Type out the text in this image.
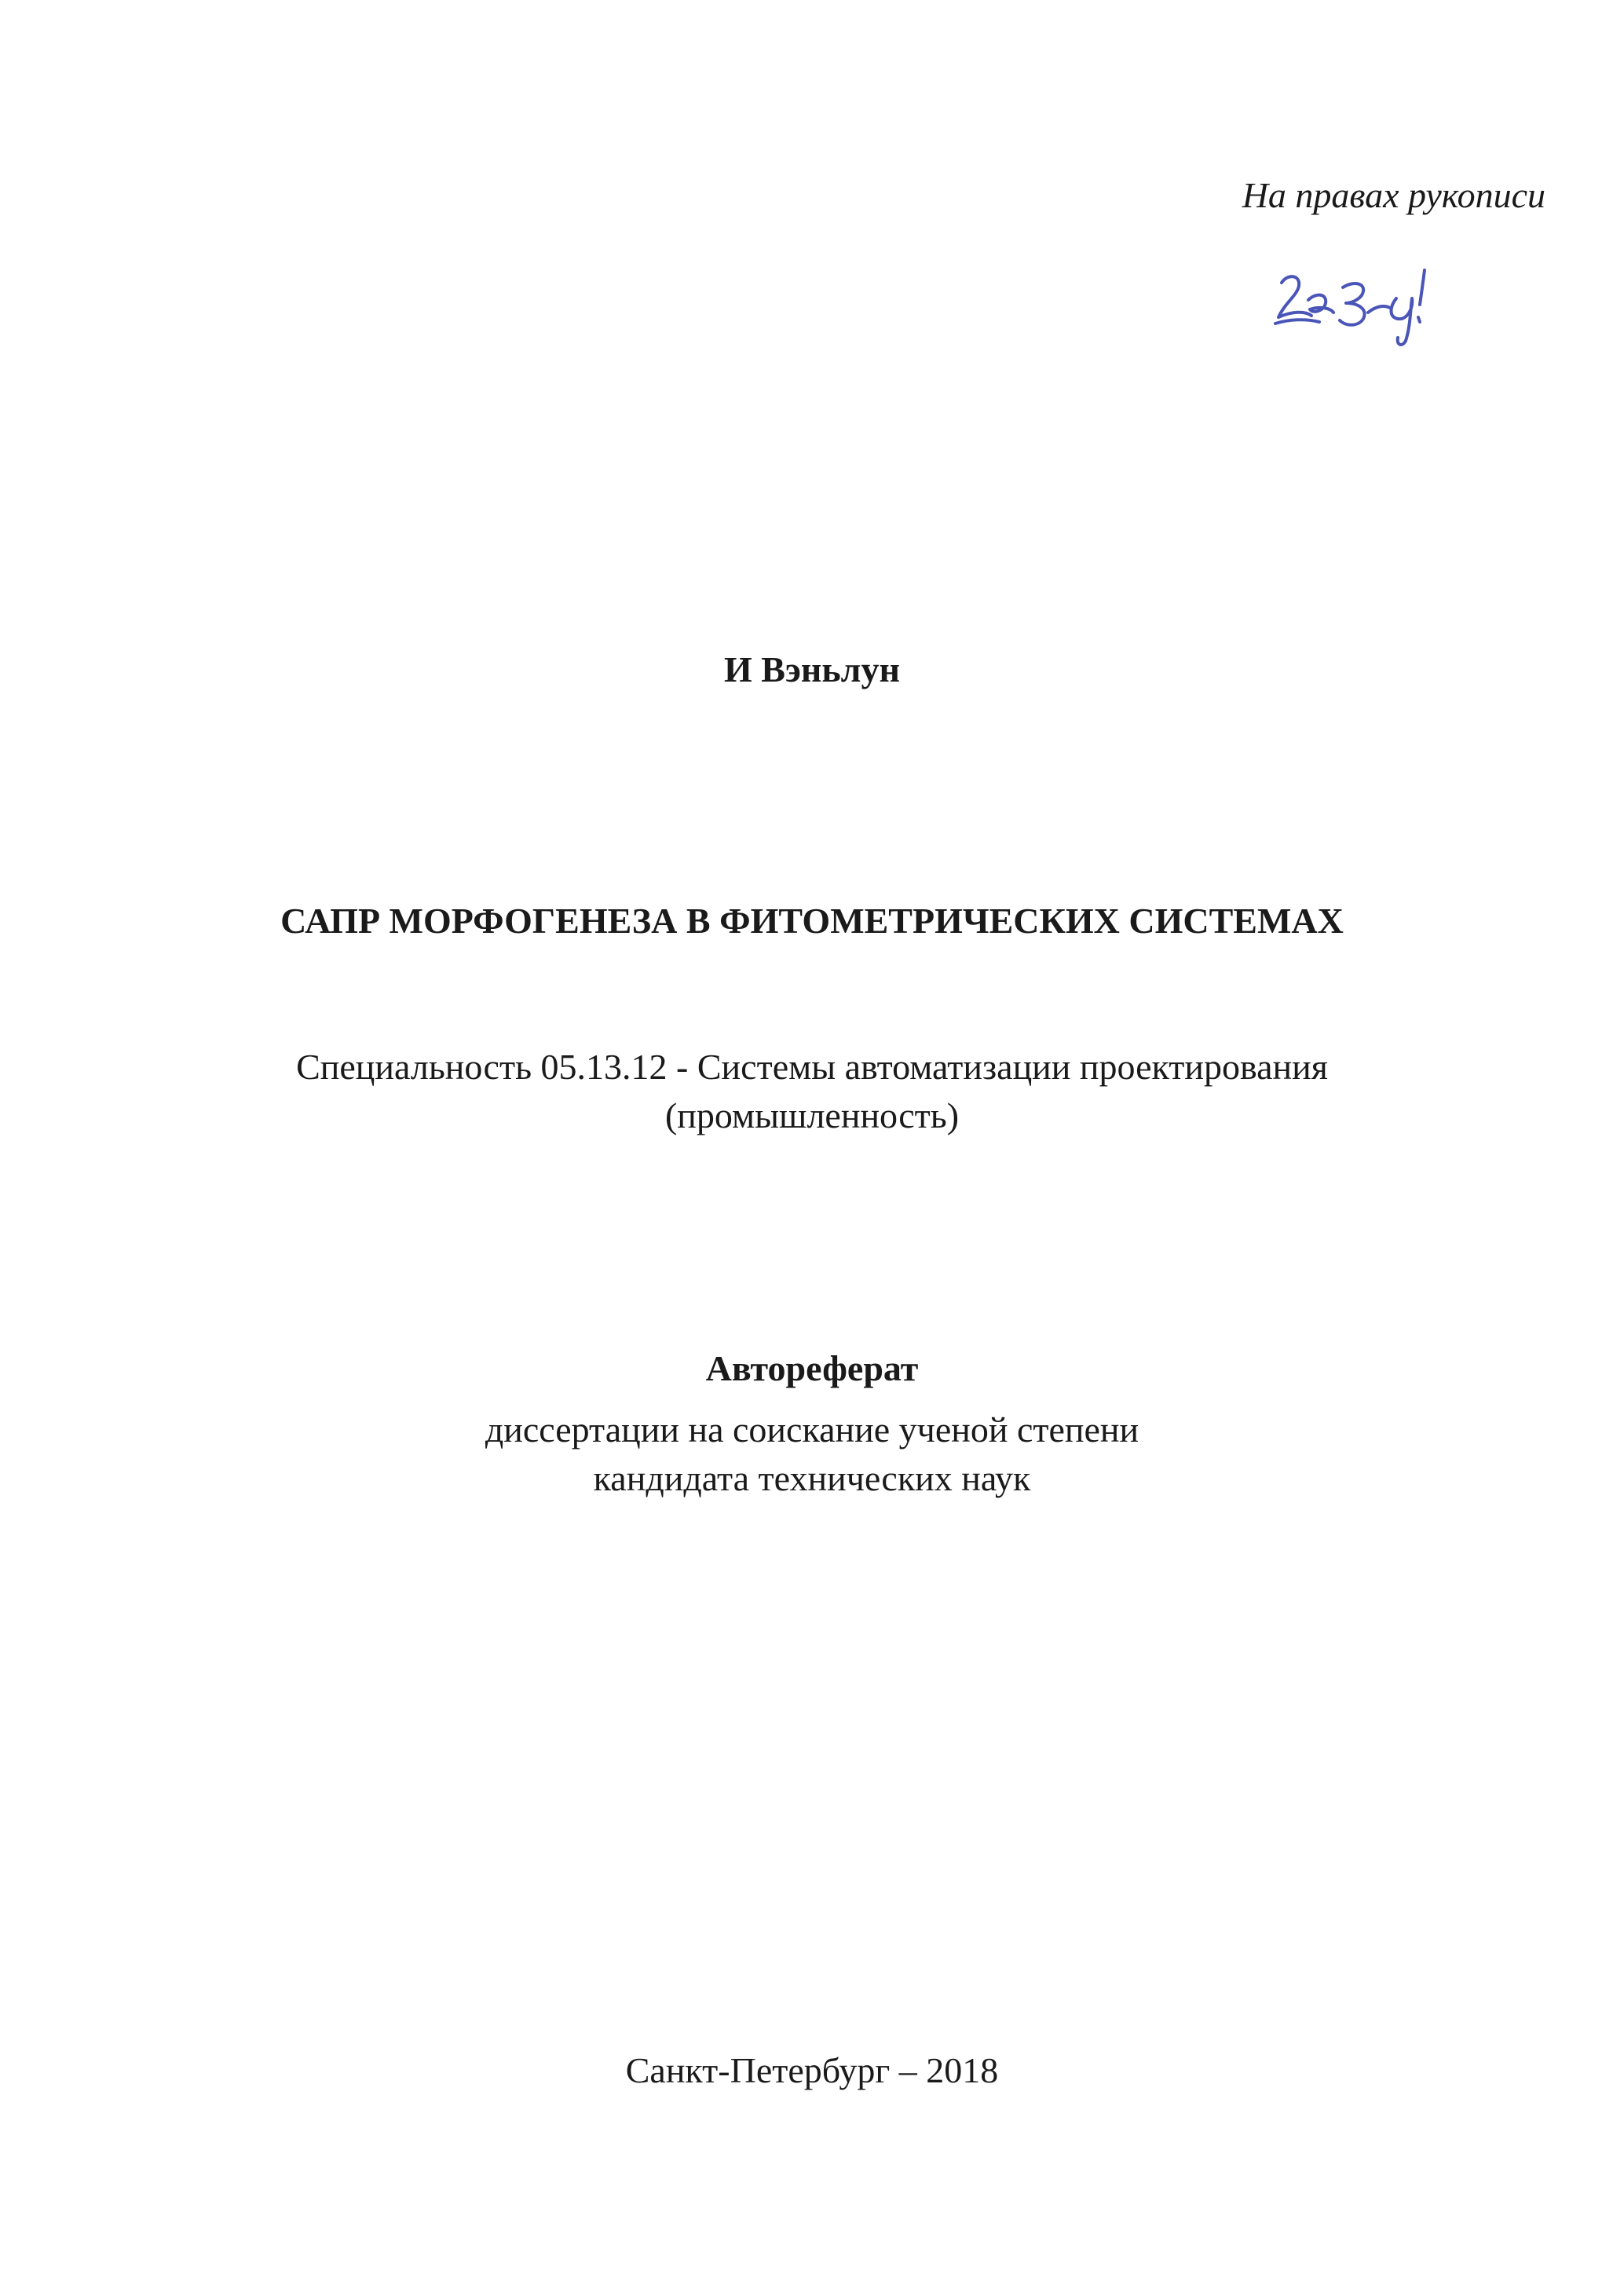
На правах рукописи
И Вэньлун
САПР МОРФОГЕНЕЗА В ФИТОМЕТРИЧЕСКИХ СИСТЕМАХ
Специальность 05.13.12 - Системы автоматизации проектирования
(промышленность)
Автореферат
диссертации на соискание ученой степени
кандидата технических наук
Санкт-Петербург – 2018
